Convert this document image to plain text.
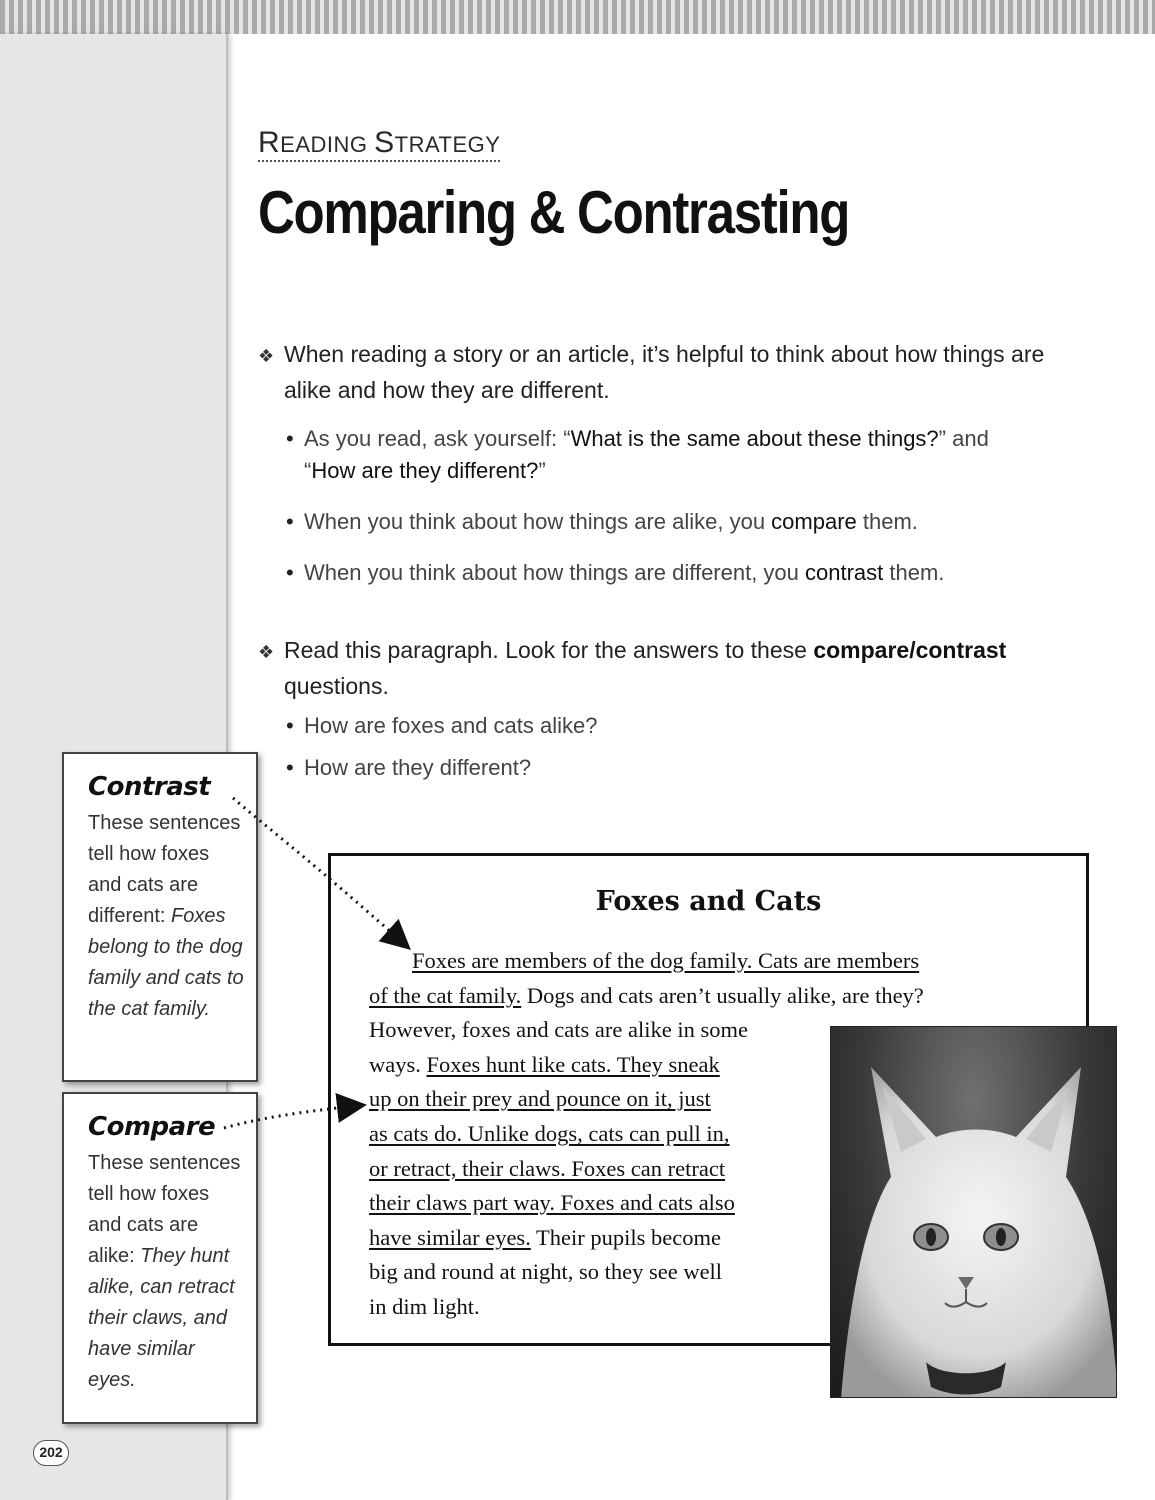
READING STRATEGY
Comparing & Contrasting
❖ When reading a story or an article, it’s helpful to think about how things are
alike and how they are different.
• As you read, ask yourself: “What is the same about these things?” and
“How are they different?”
• When you think about how things are alike, you compare them.
• When you think about how things are different, you contrast them.
❖ Read this paragraph. Look for the answers to these compare/contrast
questions.
• How are foxes and cats alike?
• How are they different?
Contrast
These sentences tell how foxes and cats are different: Foxes belong to the dog family and cats to the cat family.
Compare
These sentences tell how foxes and cats are alike: They hunt alike, can retract their claws, and have similar eyes.
Foxes and Cats
Foxes are members of the dog family. Cats are members
of the cat family. Dogs and cats aren’t usually alike, are they?
However, foxes and cats are alike in some
ways. Foxes hunt like cats. They sneak
up on their prey and pounce on it, just
as cats do. Unlike dogs, cats can pull in,
or retract, their claws. Foxes can retract
their claws part way. Foxes and cats also
have similar eyes. Their pupils become
big and round at night, so they see well
in dim light.
202
